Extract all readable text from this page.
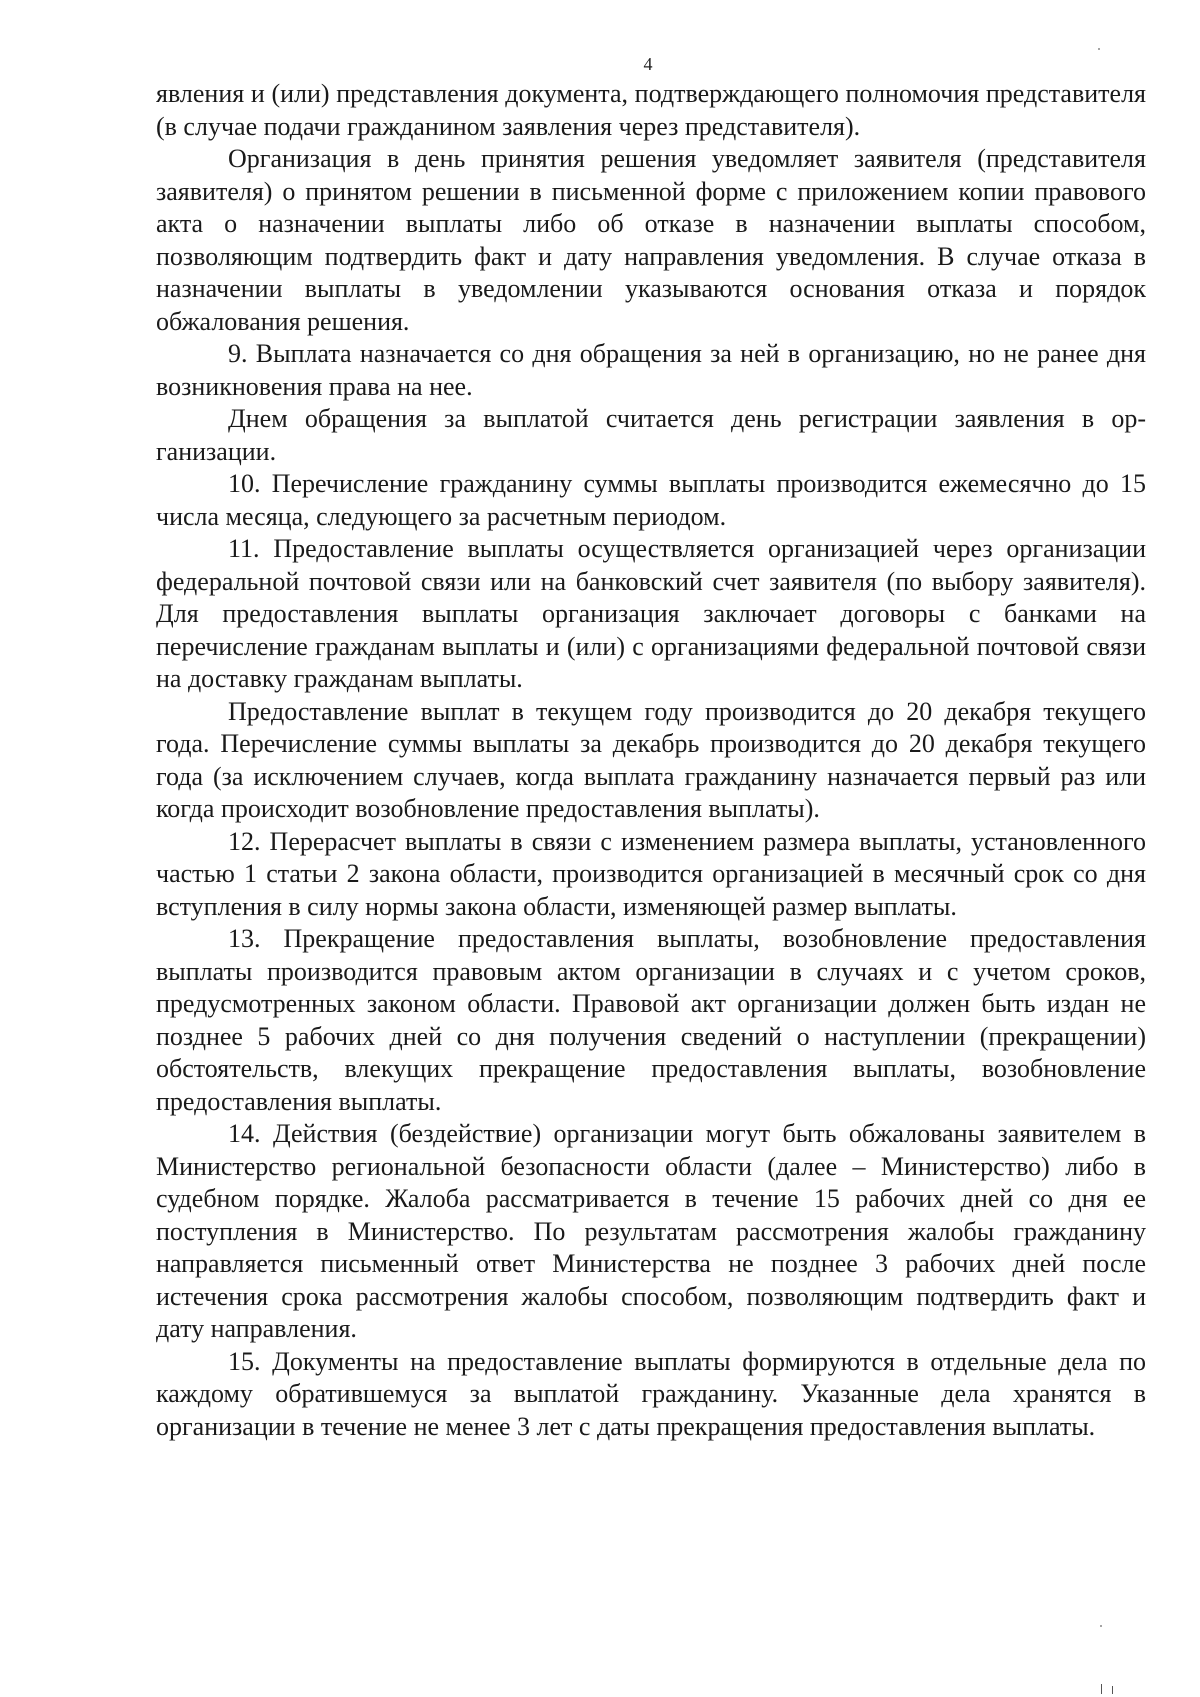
4

явления и (или) представления документа, подтверждающего полномочия представителя (в случае подачи гражданином заявления через представителя).

Организация в день принятия решения уведомляет заявителя (представителя заявителя) о принятом решении в письменной форме с приложением копии правового акта о назначении выплаты либо об отказе в назначении выплаты способом, позволяющим подтвердить факт и дату направления уведомления. В случае отказа в назначении выплаты в уведомлении указываются основания отказа и порядок обжалования решения.

9. Выплата назначается со дня обращения за ней в организацию, но не ранее дня возникновения права на нее.

Днем обращения за выплатой считается день регистрации заявления в организации.

10. Перечисление гражданину суммы выплаты производится ежемесячно до 15 числа месяца, следующего за расчетным периодом.

11. Предоставление выплаты осуществляется организацией через организации федеральной почтовой связи или на банковский счет заявителя (по выбору заявителя). Для предоставления выплаты организация заключает договоры с банками на перечисление гражданам выплаты и (или) с организациями федеральной почтовой связи на доставку гражданам выплаты.

Предоставление выплат в текущем году производится до 20 декабря текущего года. Перечисление суммы выплаты за декабрь производится до 20 декабря текущего года (за исключением случаев, когда выплата гражданину назначается первый раз или когда происходит возобновление предоставления выплаты).

12. Перерасчет выплаты в связи с изменением размера выплаты, установленного частью 1 статьи 2 закона области, производится организацией в месячный срок со дня вступления в силу нормы закона области, изменяющей размер выплаты.

13. Прекращение предоставления выплаты, возобновление предоставления выплаты производится правовым актом организации в случаях и с учетом сроков, предусмотренных законом области. Правовой акт организации должен быть издан не позднее 5 рабочих дней со дня получения сведений о наступлении (прекращении) обстоятельств, влекущих прекращение предоставления выплаты, возобновление предоставления выплаты.

14. Действия (бездействие) организации могут быть обжалованы заявителем в Министерство региональной безопасности области (далее – Министерство) либо в судебном порядке. Жалоба рассматривается в течение 15 рабочих дней со дня ее поступления в Министерство. По результатам рассмотрения жалобы гражданину направляется письменный ответ Министерства не позднее 3 рабочих дней после истечения срока рассмотрения жалобы способом, позволяющим подтвердить факт и дату направления.

15. Документы на предоставление выплаты формируются в отдельные дела по каждому обратившемуся за выплатой гражданину. Указанные дела хранятся в организации в течение не менее 3 лет с даты прекращения предоставления выплаты.
